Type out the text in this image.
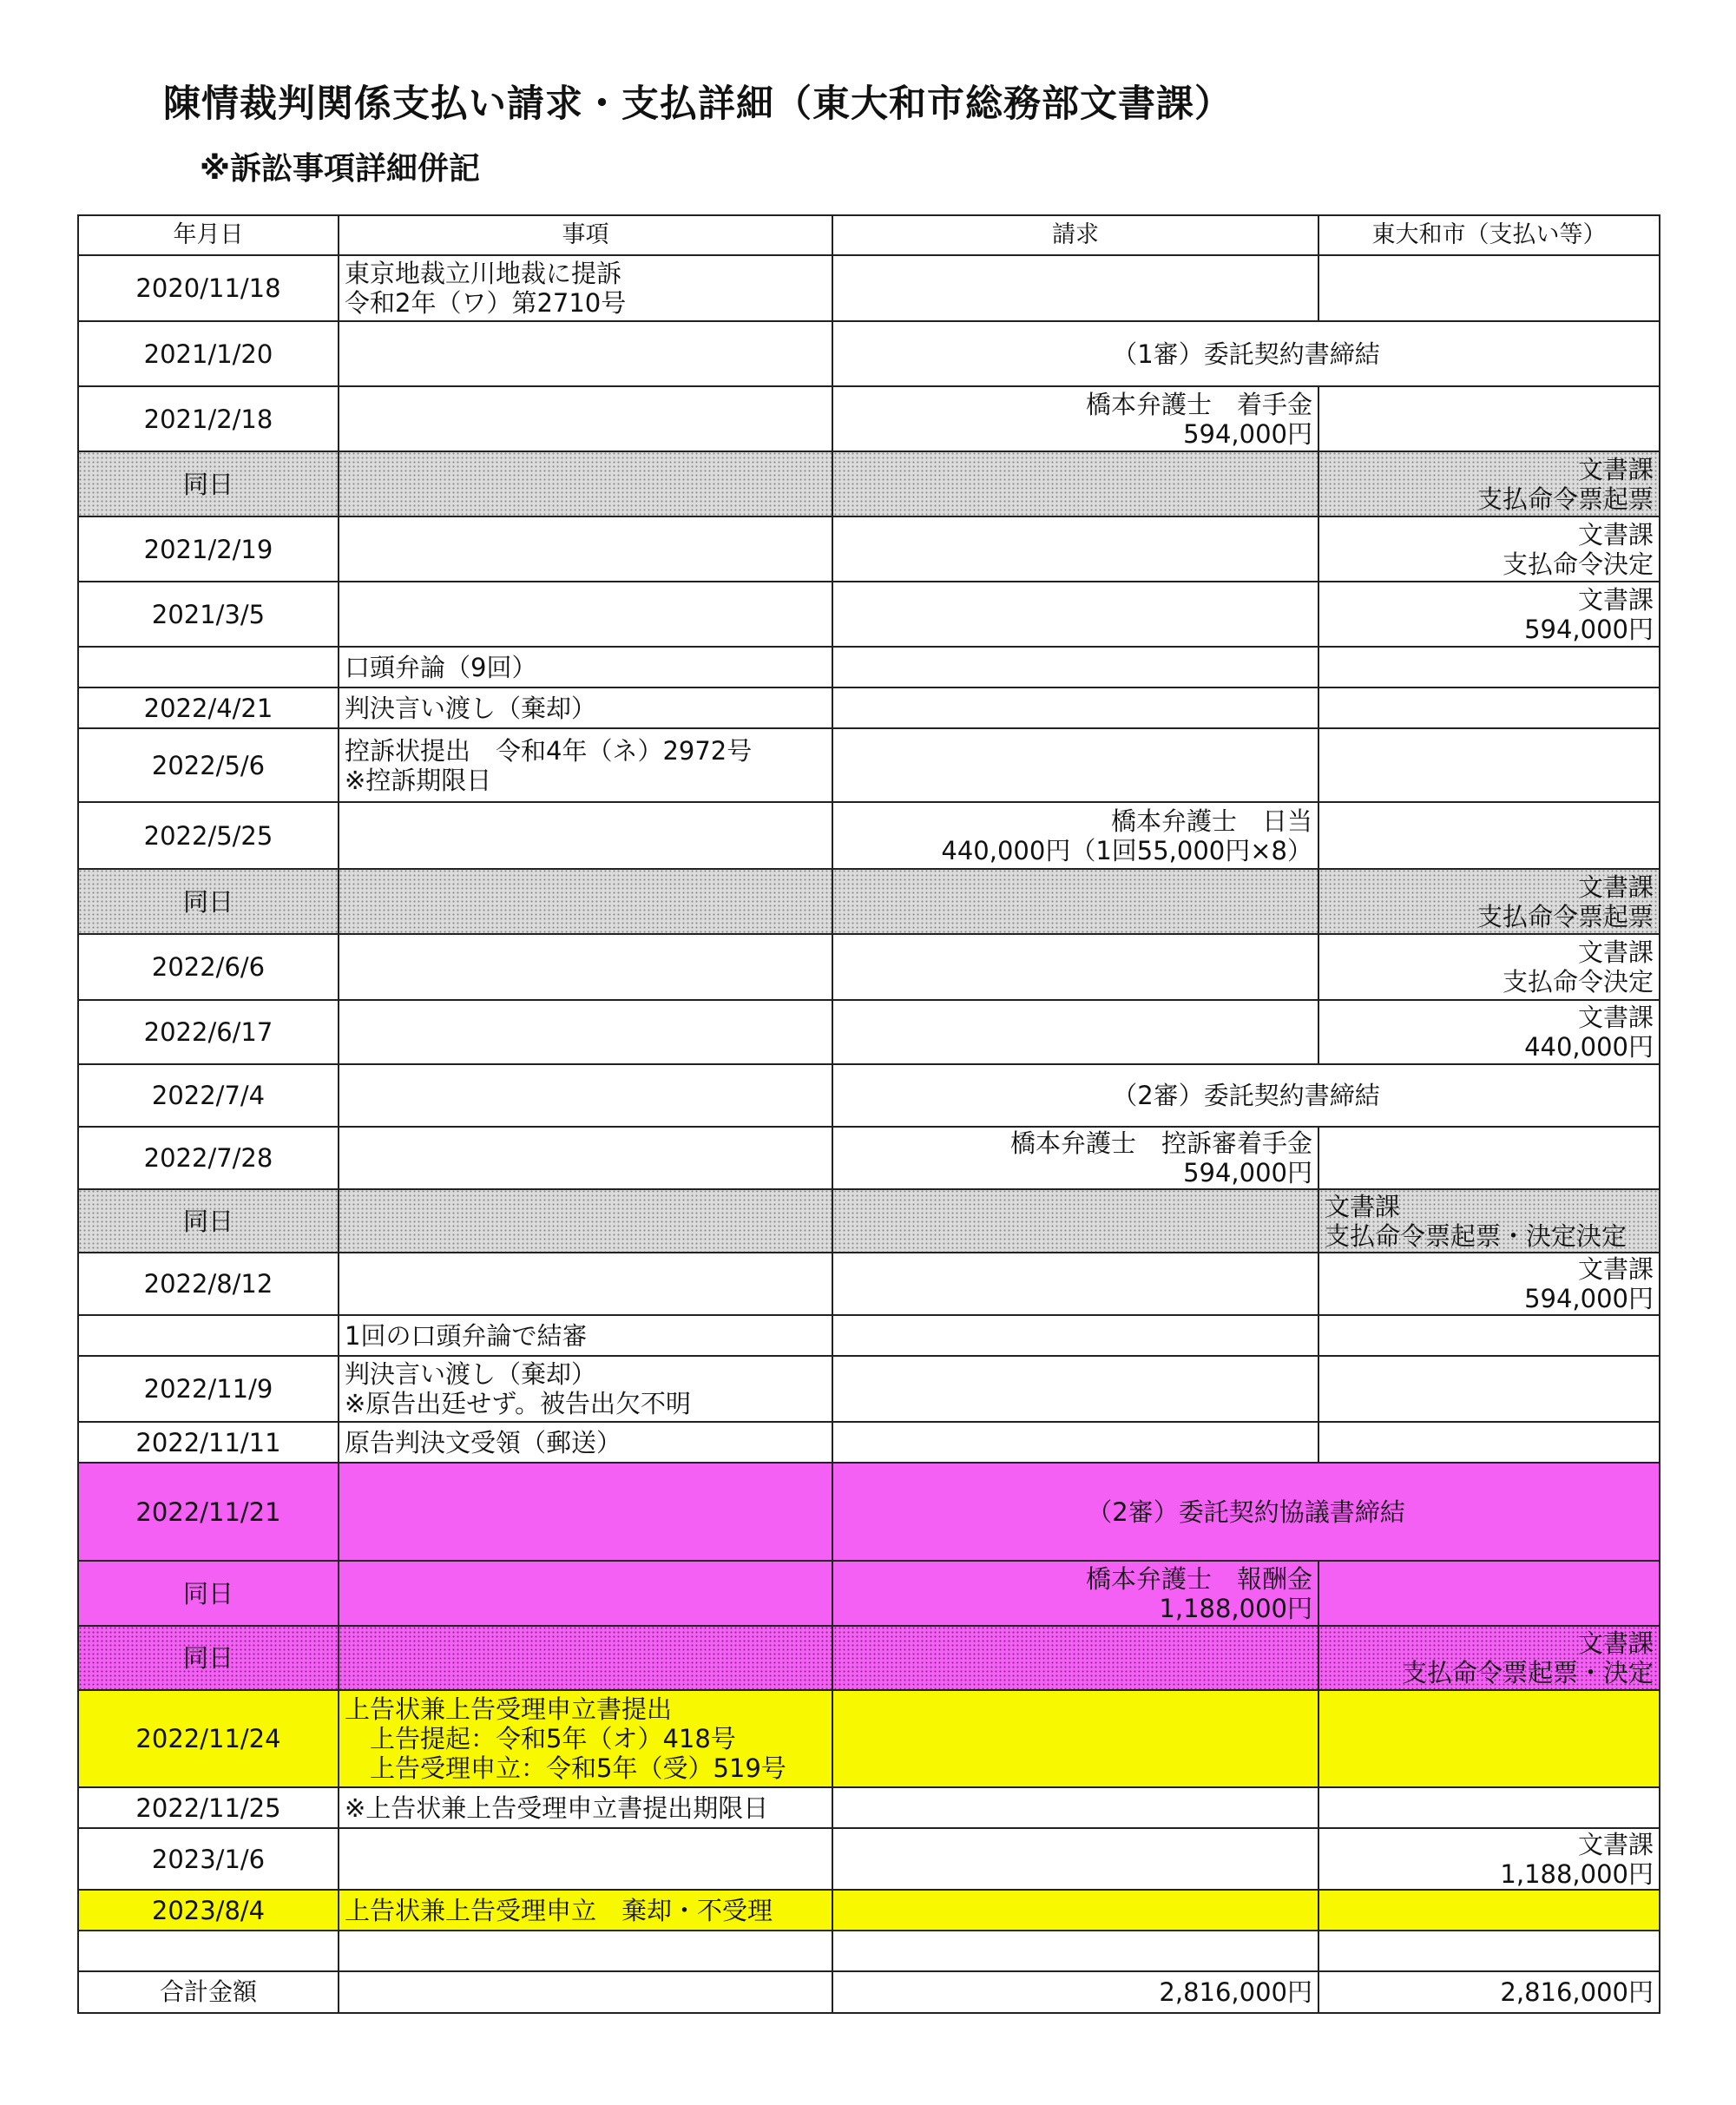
陳情裁判関係支払い請求・支払詳細（東大和市総務部文書課）
※訴訟事項詳細併記
年月日	事項	請求	東大和市（支払い等）
2020/11/18	東京地裁立川地裁に提訴
令和2年（ワ）第2710号		

2021/1/20		（1審）委託契約書締結	
2021/2/18		橋本弁護士　着手金
594,000円	

同日			文書課
支払命令票起票

2021/2/19			文書課
支払命令決定

2021/3/5			文書課
594,000円

	口頭弁論（9回）		
2022/4/21	判決言い渡し（棄却）		
2022/5/6	控訴状提出　令和4年（ネ）2972号
※控訴期限日		

2022/5/25		橋本弁護士　日当
440,000円（1回55,000円×8）	

同日			文書課
支払命令票起票

2022/6/6			文書課
支払命令決定

2022/6/17			文書課
440,000円

2022/7/4		（2審）委託契約書締結	
2022/7/28		橋本弁護士　控訴審着手金
594,000円	

同日			文書課
支払命令票起票・決定決定

2022/8/12			文書課
594,000円

	1回の口頭弁論で結審		
2022/11/9	判決言い渡し（棄却）
※原告出廷せず。被告出欠不明		

2022/11/11	原告判決文受領（郵送）		
2022/11/21		（2審）委託契約協議書締結	
同日		橋本弁護士　報酬金
1,188,000円	

同日			文書課
支払命令票起票・決定

2022/11/24	上告状兼上告受理申立書提出
　上告提起：令和5年（オ）418号
　上告受理申立：令和5年（受）519号		

2022/11/25	※上告状兼上告受理申立書提出期限日		
2023/1/6			文書課
1,188,000円

2023/8/4	上告状兼上告受理申立　棄却・不受理		

合計金額		2,816,000円	2,816,000円
